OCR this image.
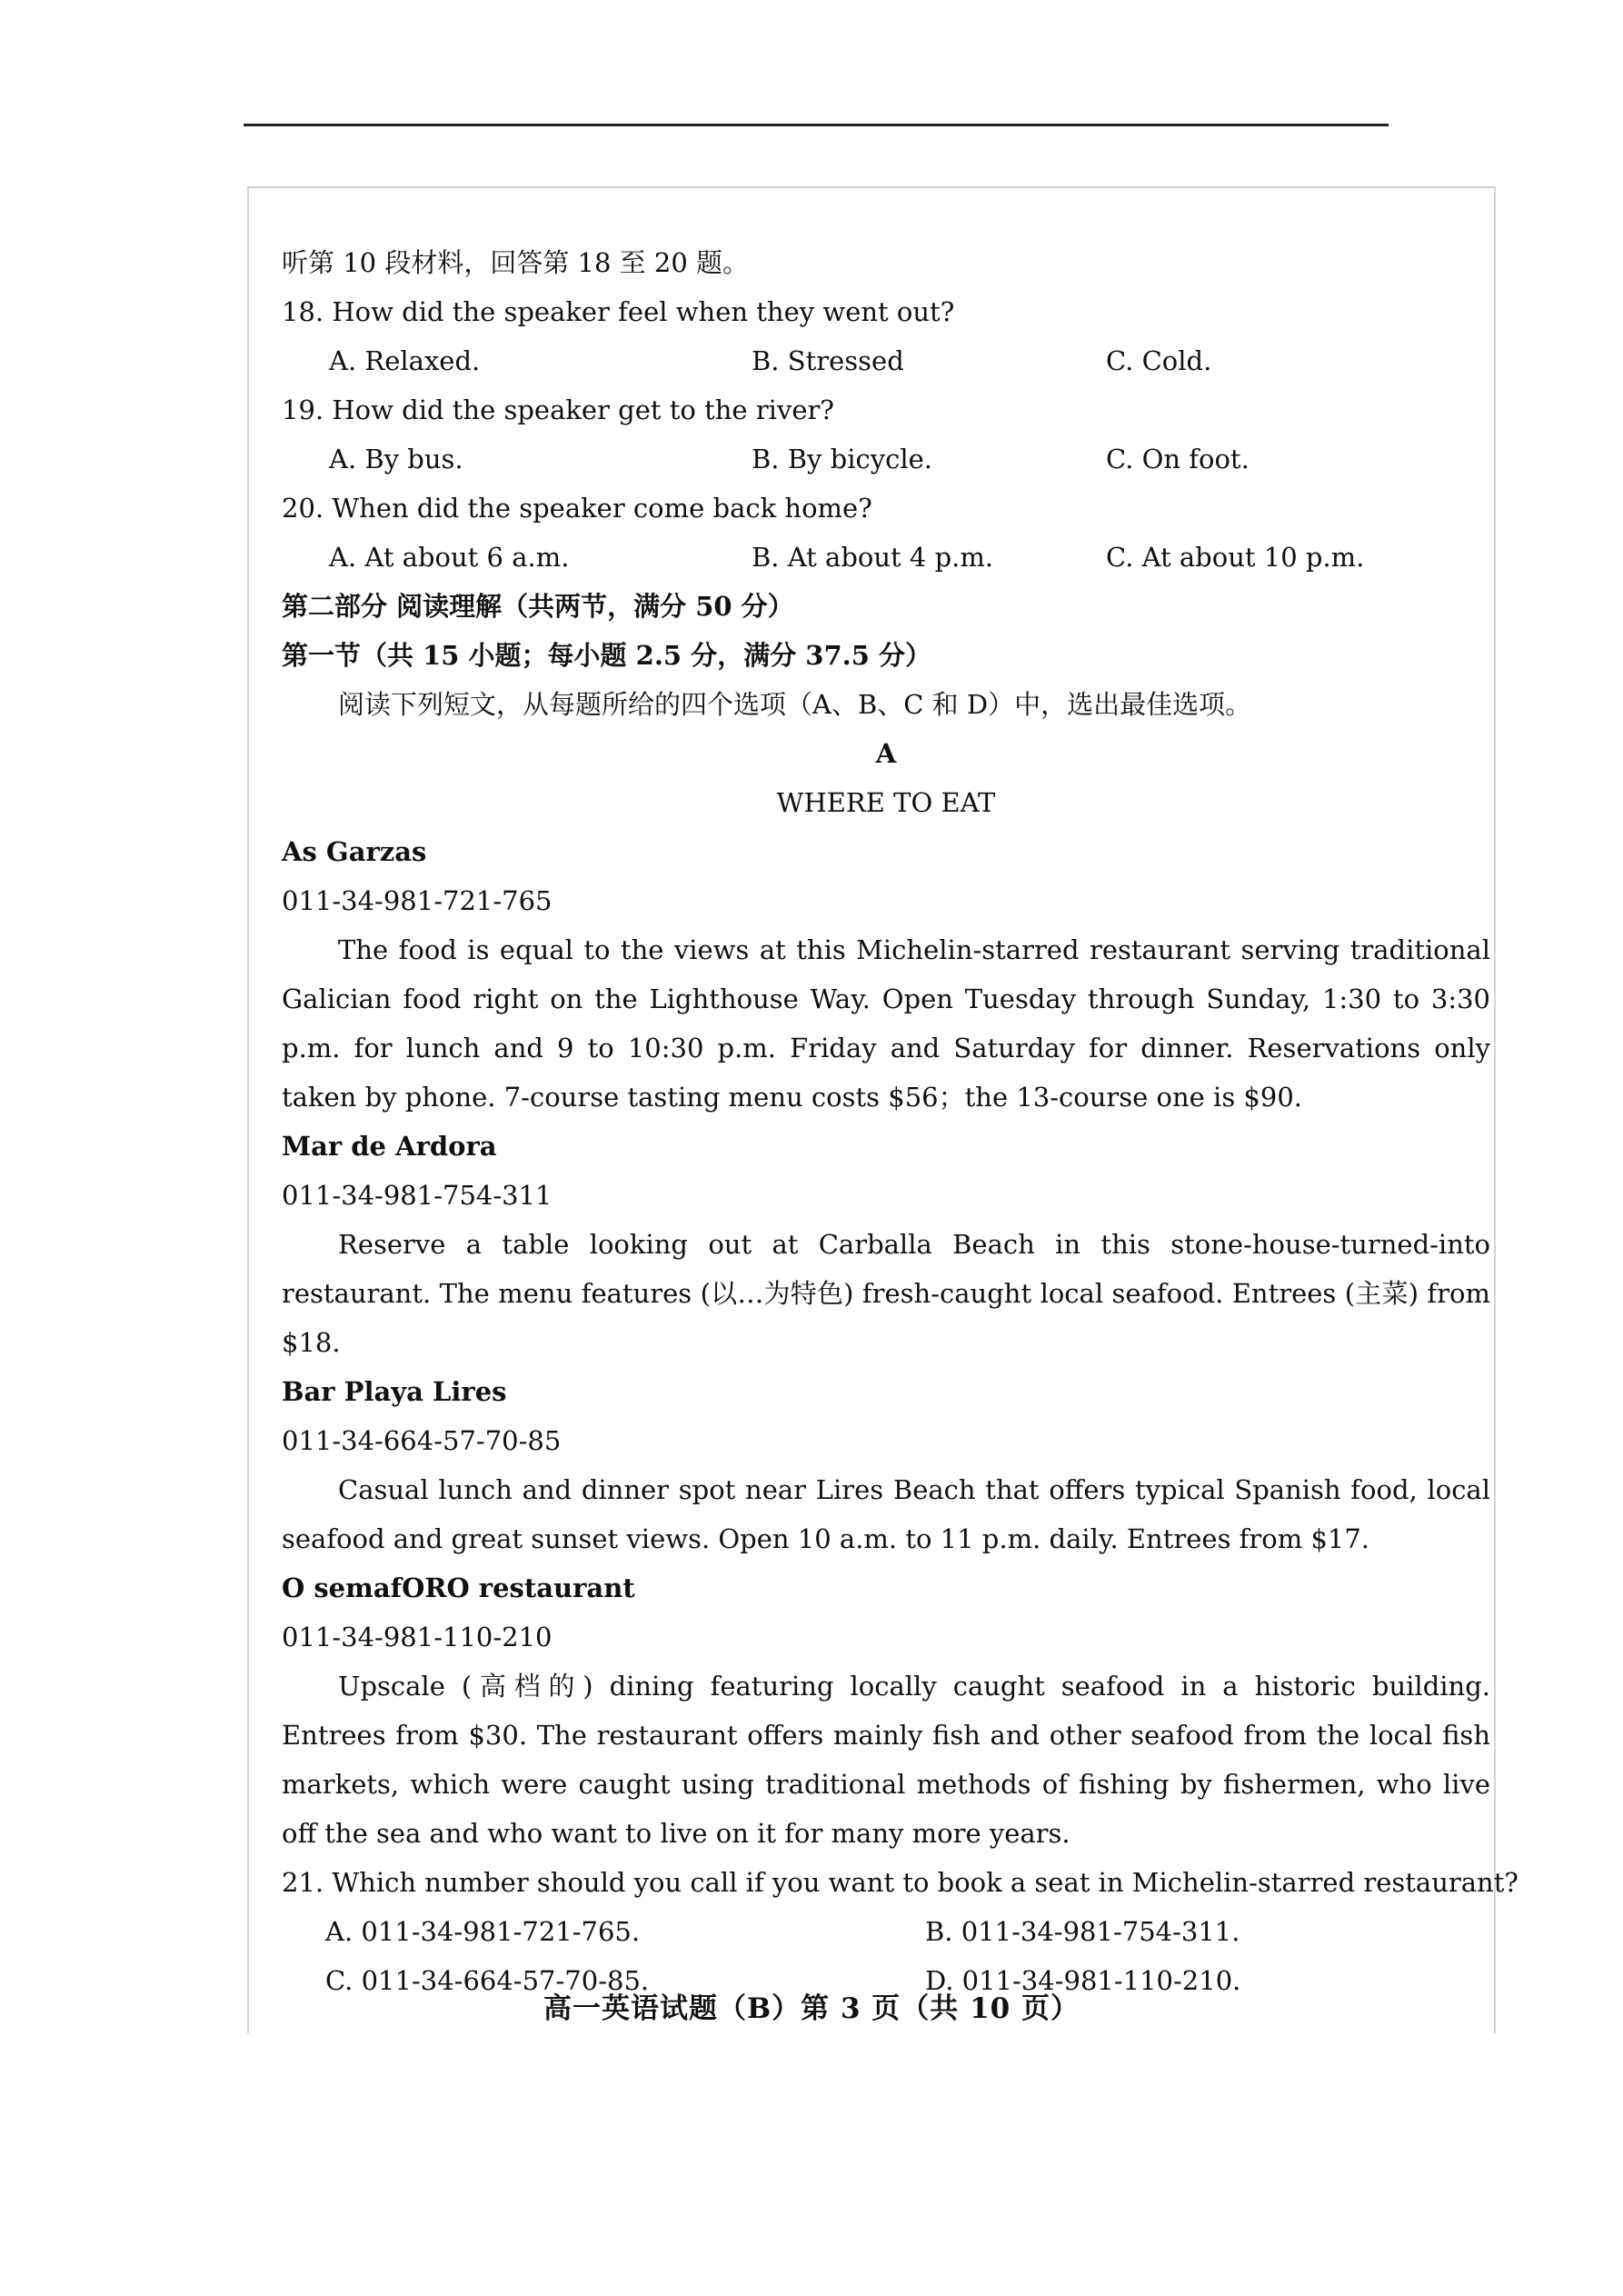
听第 10 段材料，回答第 18 至 20 题。
18. How did the speaker feel when they went out?
A. Relaxed.	B. Stressed	C. Cold.
19. How did the speaker get to the river?
A. By bus.	B. By bicycle.	C. On foot.
20. When did the speaker come back home?
A. At about 6 a.m.	B. At about 4 p.m.	C. At about 10 p.m.
第二部分 阅读理解（共两节，满分 50 分）
第一节（共 15 小题；每小题 2.5 分，满分 37.5 分）
阅读下列短文，从每题所给的四个选项（A、B、C 和 D）中，选出最佳选项。
A
WHERE TO EAT
As Garzas
011-34-981-721-765
The food is equal to the views at this Michelin-starred restaurant serving traditional Galician food right on the Lighthouse Way. Open Tuesday through Sunday, 1:30 to 3:30 p.m. for lunch and 9 to 10:30 p.m. Friday and Saturday for dinner. Reservations only taken by phone. 7-course tasting menu costs $56；the 13-course one is $90.
Mar de Ardora
011-34-981-754-311
Reserve a table looking out at Carballa Beach in this stone-house-turned-into restaurant. The menu features (以…为特色) fresh-caught local seafood. Entrees (主菜) from $18.
Bar Playa Lires
011-34-664-57-70-85
Casual lunch and dinner spot near Lires Beach that offers typical Spanish food, local seafood and great sunset views. Open 10 a.m. to 11 p.m. daily. Entrees from $17.
O semafORO restaurant
011-34-981-110-210
Upscale (高档的) dining featuring locally caught seafood in a historic building. Entrees from $30. The restaurant offers mainly fish and other seafood from the local fish markets, which were caught using traditional methods of fishing by fishermen, who live off the sea and who want to live on it for many more years.
21. Which number should you call if you want to book a seat in Michelin-starred restaurant?
A. 011-34-981-721-765.	B. 011-34-981-754-311.
C. 011-34-664-57-70-85.	D. 011-34-981-110-210.
高一英语试题（B）第 3 页（共 10 页）
